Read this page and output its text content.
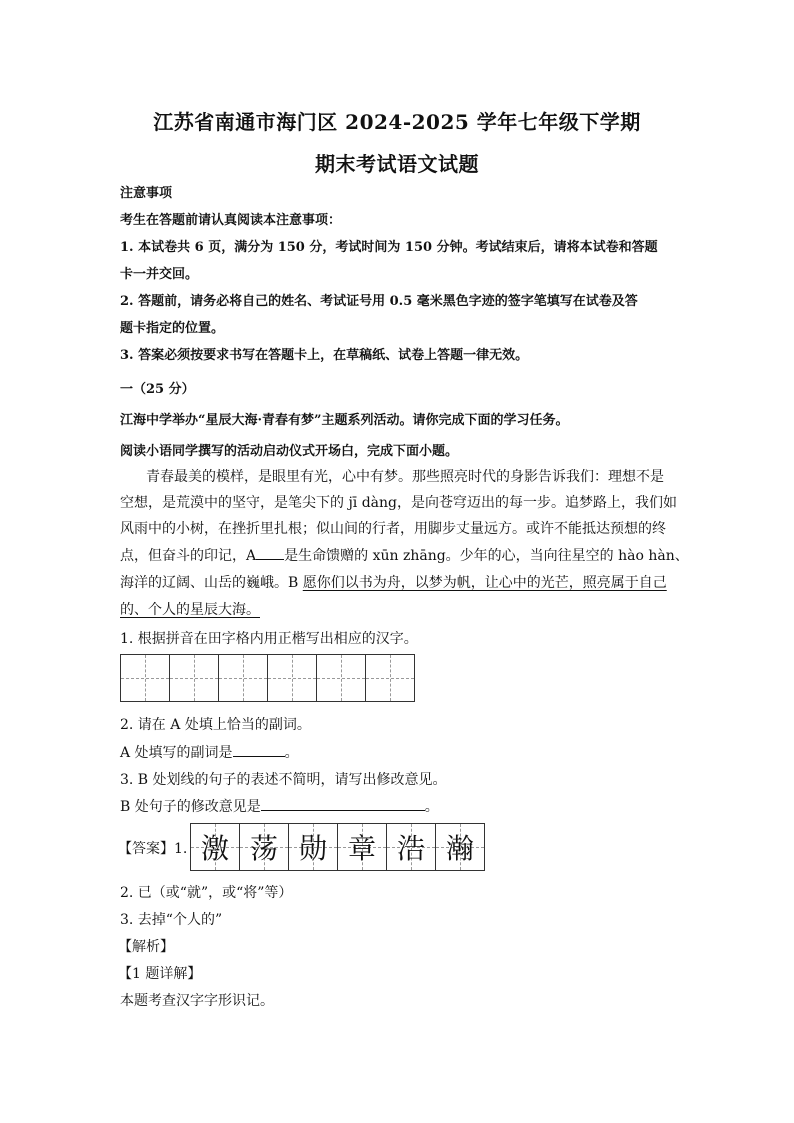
江苏省南通市海门区 2024-2025 学年七年级下学期
期末考试语文试题
注意事项
考生在答题前请认真阅读本注意事项：
1. 本试卷共 6 页，满分为 150 分，考试时间为 150 分钟。考试结束后，请将本试卷和答题
卡一并交回。
2. 答题前，请务必将自己的姓名、考试证号用 0.5 毫米黑色字迹的签字笔填写在试卷及答
题卡指定的位置。
3. 答案必须按要求书写在答题卡上，在草稿纸、试卷上答题一律无效。
一（25 分）
江海中学举办“星辰大海·青春有梦”主题系列活动。请你完成下面的学习任务。
阅读小语同学撰写的活动启动仪式开场白，完成下面小题。
青春最美的模样，是眼里有光，心中有梦。那些照亮时代的身影告诉我们：理想不是
空想，是荒漠中的坚守，是笔尖下的 jī dàng，是向苍穹迈出的每一步。追梦路上，我们如
风雨中的小树，在挫折里扎根；似山间的行者，用脚步丈量远方。或许不能抵达预想的终
点，但奋斗的印记，A 是生命馈赠的 xūn zhāng。少年的心，当向往星空的 hào hàn、
海洋的辽阔、山岳的巍峨。B 愿你们以书为舟，以梦为帆，让心中的光芒，照亮属于自己
的、个人的星辰大海。
1. 根据拼音在田字格内用正楷写出相应的汉字。
2. 请在 A 处填上恰当的副词。
A 处填写的副词是	。
3. B 处划线的句子的表述不简明，请写出修改意见。
B 处句子的修改意见是	。
【答案】1. 激 荡 勋 章 浩 瀚
2. 已（或“就”，或“将”等）
3. 去掉“个人的”
【解析】
【1 题详解】
本题考查汉字字形识记。
